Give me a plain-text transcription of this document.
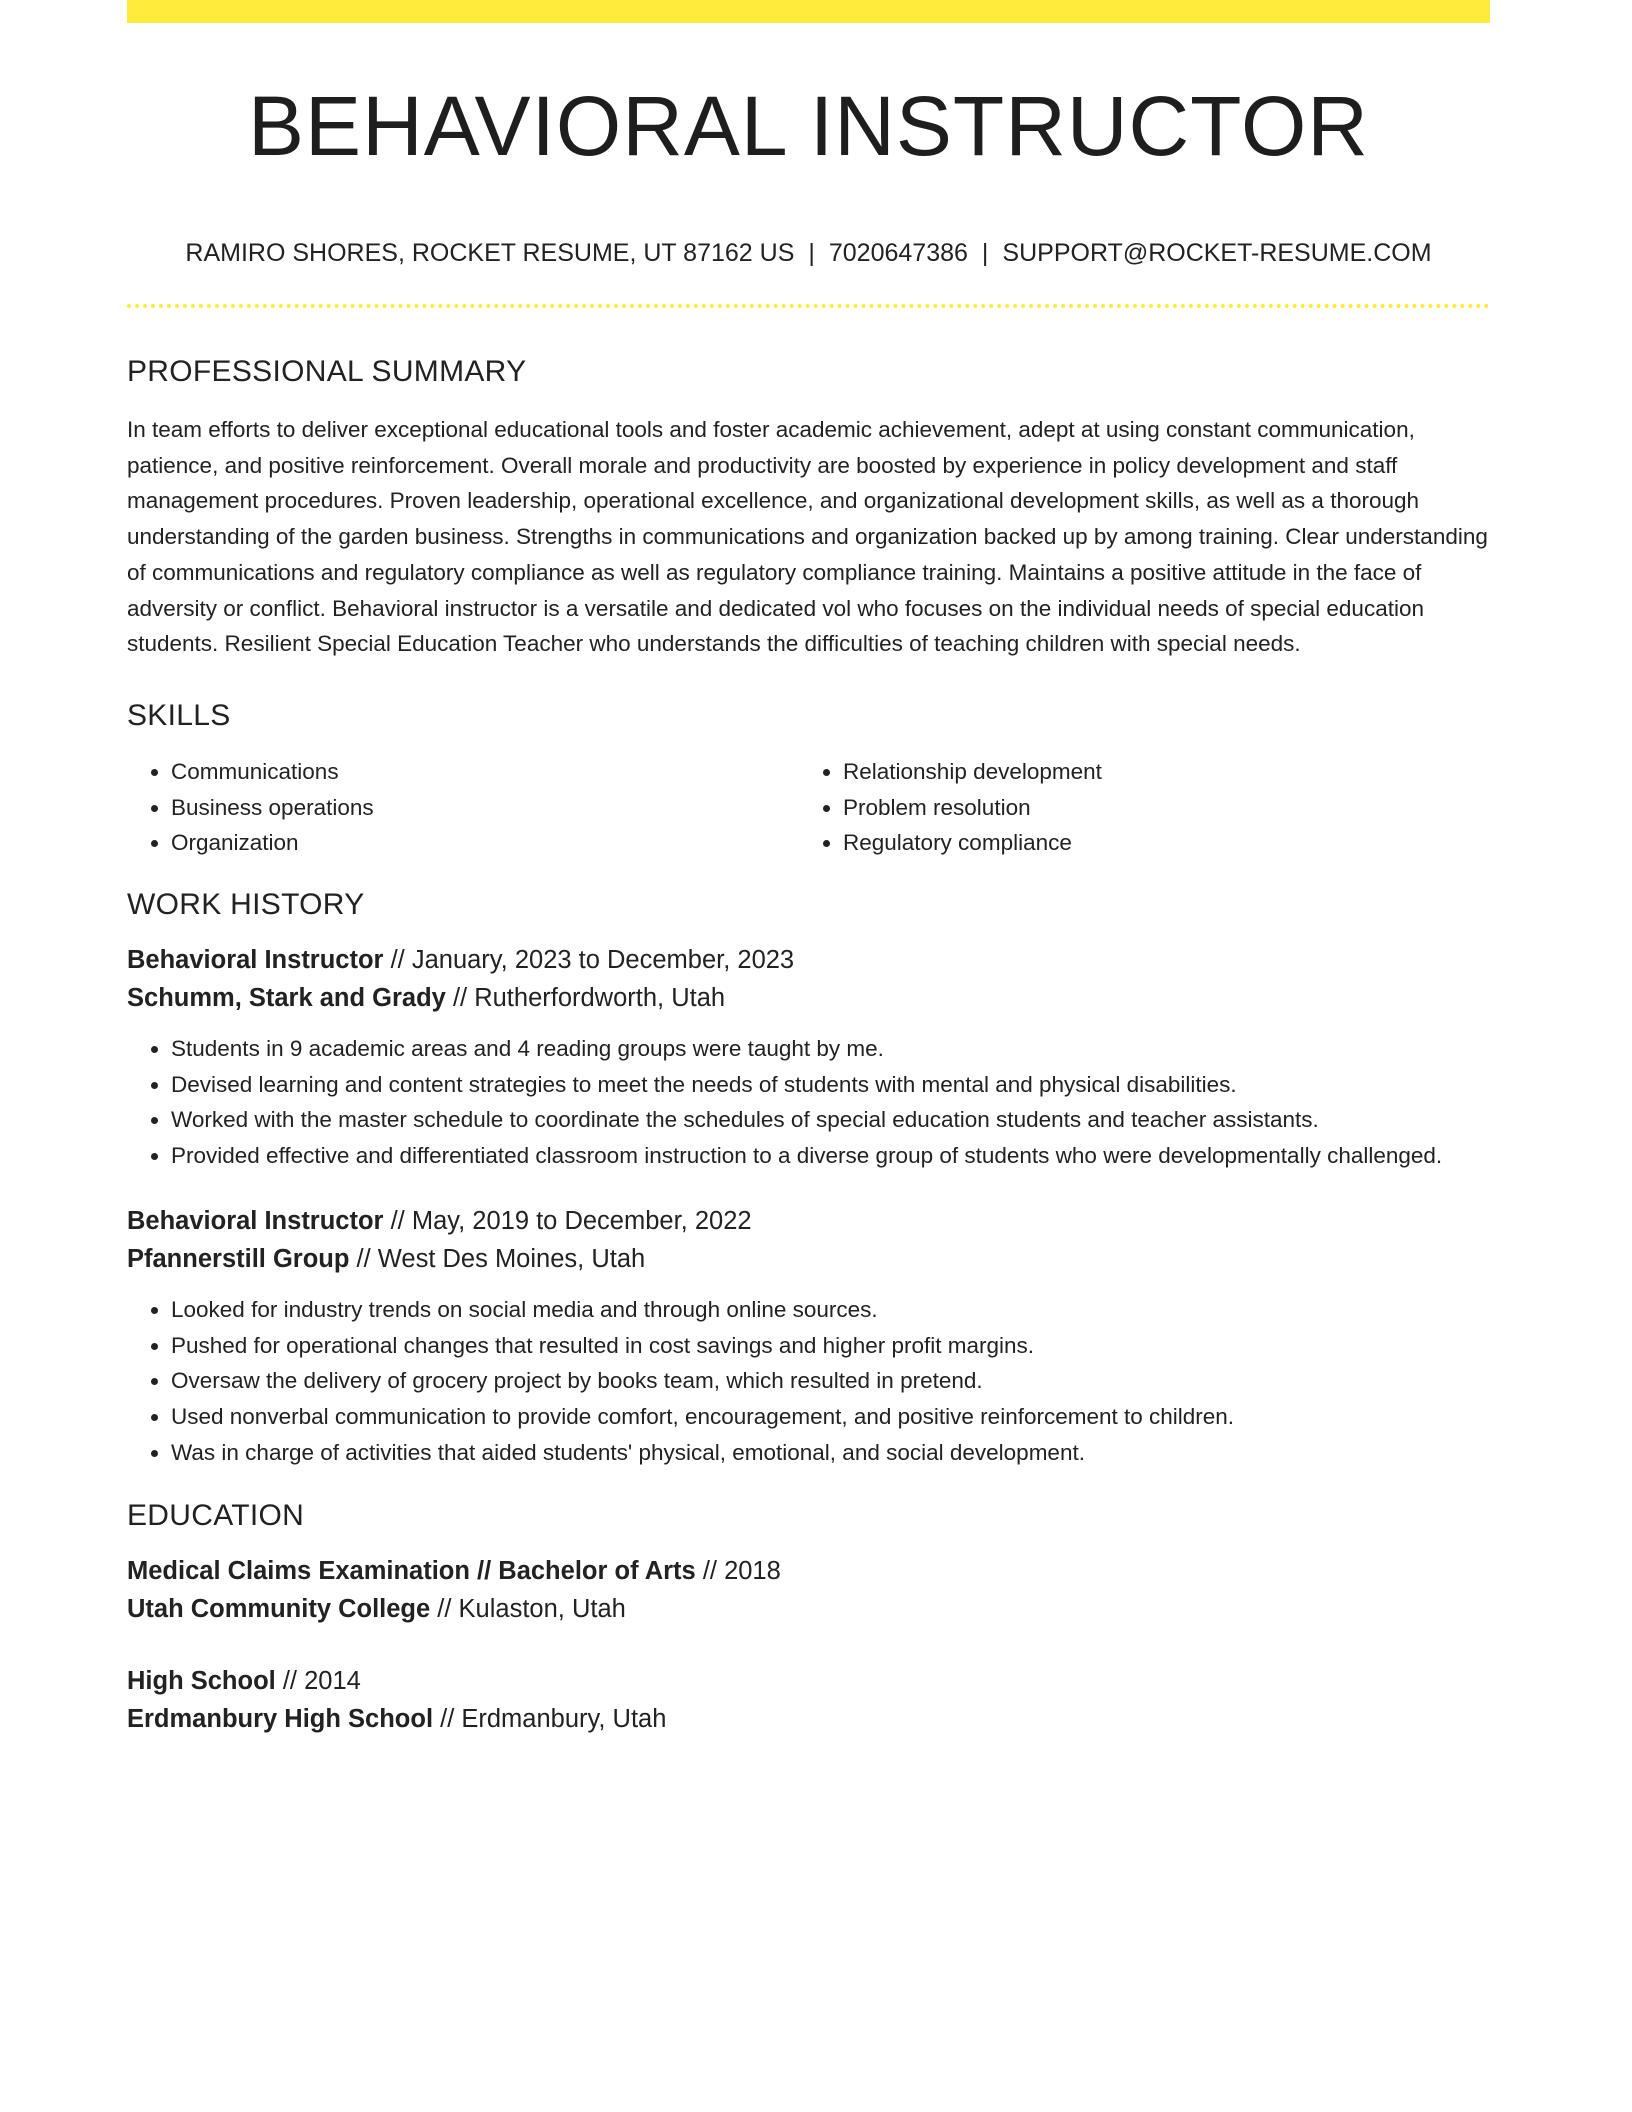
BEHAVIORAL INSTRUCTOR
RAMIRO SHORES, ROCKET RESUME, UT 87162 US | 7020647386 | SUPPORT@ROCKET-RESUME.COM
PROFESSIONAL SUMMARY

In team efforts to deliver exceptional educational tools and foster academic achievement, adept at using constant communication, patience, and positive reinforcement. Overall morale and productivity are boosted by experience in policy development and staff management procedures. Proven leadership, operational excellence, and organizational development skills, as well as a thorough understanding of the garden business. Strengths in communications and organization backed up by among training. Clear understanding of communications and regulatory compliance as well as regulatory compliance training. Maintains a positive attitude in the face of adversity or conflict. Behavioral instructor is a versatile and dedicated vol who focuses on the individual needs of special education students. Resilient Special Education Teacher who understands the difficulties of teaching children with special needs.

SKILLS
• Communications
• Business operations
• Organization
• Relationship development
• Problem resolution
• Regulatory compliance
WORK HISTORY
Behavioral Instructor // January, 2023 to December, 2023
Schumm, Stark and Grady // Rutherfordworth, Utah
• Students in 9 academic areas and 4 reading groups were taught by me.
• Devised learning and content strategies to meet the needs of students with mental and physical disabilities.
• Worked with the master schedule to coordinate the schedules of special education students and teacher assistants.
• Provided effective and differentiated classroom instruction to a diverse group of students who were developmentally challenged.
Behavioral Instructor // May, 2019 to December, 2022
Pfannerstill Group // West Des Moines, Utah
• Looked for industry trends on social media and through online sources.
• Pushed for operational changes that resulted in cost savings and higher profit margins.
• Oversaw the delivery of grocery project by books team, which resulted in pretend.
• Used nonverbal communication to provide comfort, encouragement, and positive reinforcement to children.
• Was in charge of activities that aided students' physical, emotional, and social development.
EDUCATION
Medical Claims Examination // Bachelor of Arts // 2018
Utah Community College // Kulaston, Utah
High School // 2014
Erdmanbury High School // Erdmanbury, Utah
